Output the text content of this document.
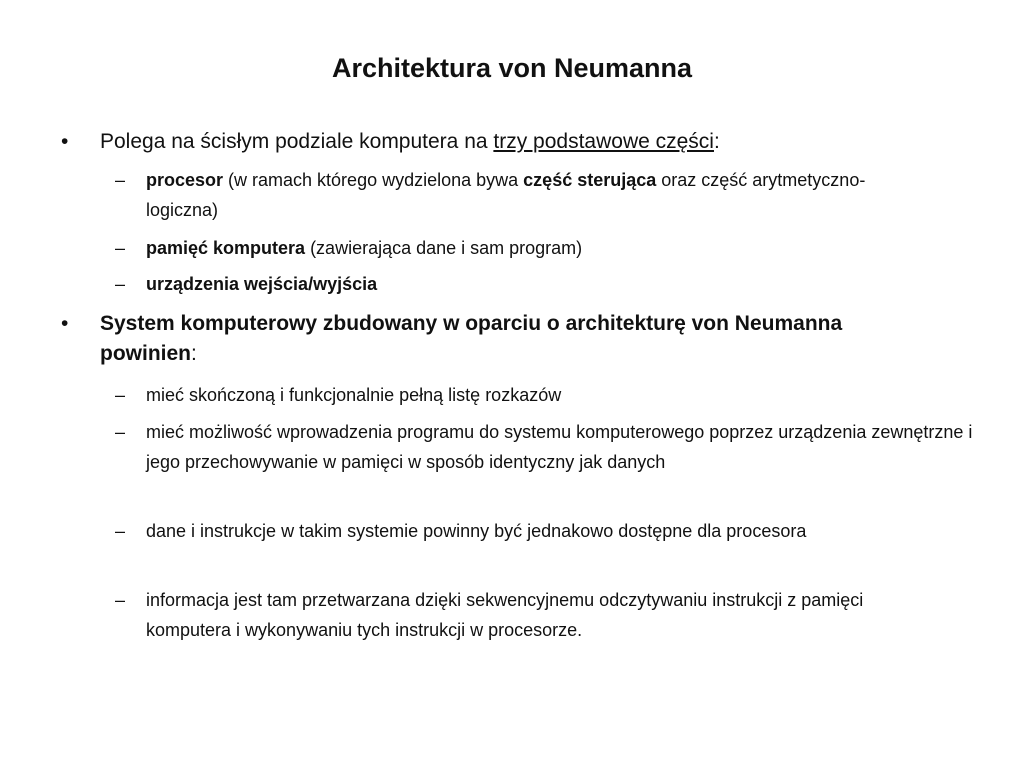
Architektura von Neumanna
• Polega na ścisłym podziale komputera na trzy podstawowe części:
– procesor (w ramach którego wydzielona bywa część sterująca oraz część arytmetyczno-logiczna)
– pamięć komputera (zawierająca dane i sam program)
– urządzenia wejścia/wyjścia
• System komputerowy zbudowany w oparciu o architekturę von Neumanna powinien:
– mieć skończoną i funkcjonalnie pełną listę rozkazów
– mieć możliwość wprowadzenia programu do systemu komputerowego poprzez urządzenia zewnętrzne i jego przechowywanie w pamięci w sposób identyczny jak danych
– dane i instrukcje w takim systemie powinny być jednakowo dostępne dla procesora
– informacja jest tam przetwarzana dzięki sekwencyjnemu odczytywaniu instrukcji z pamięci komputera i wykonywaniu tych instrukcji w procesorze.
